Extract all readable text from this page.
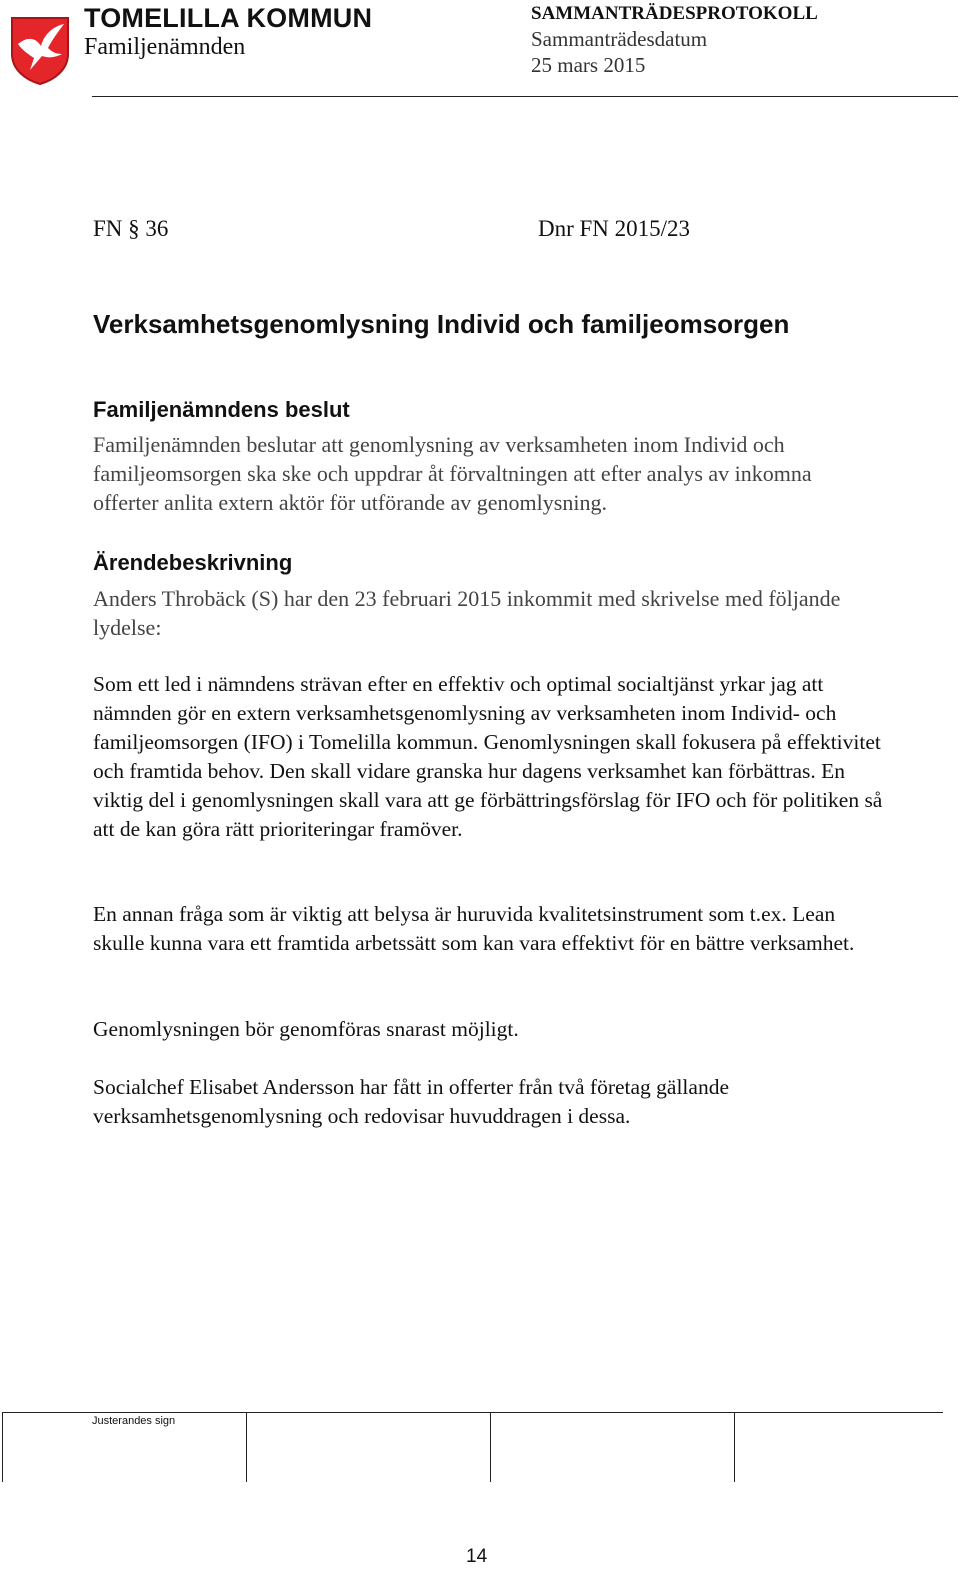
TOMELILLA KOMMUN
Familjenämnden
SAMMANTRÄDESPROTOKOLL
Sammanträdesdatum
25 mars 2015
FN § 36	Dnr FN 2015/23
Verksamhetsgenomlysning Individ och familjeomsorgen
Familjenämndens beslut
Familjenämnden beslutar att genomlysning av verksamheten inom Individ och familjeomsorgen ska ske och uppdrar åt förvaltningen att efter analys av inkomna offerter anlita extern aktör för utförande av genomlysning.
Ärendebeskrivning
Anders Throbäck (S) har den 23 februari 2015 inkommit med skrivelse med följande lydelse:
Som ett led i nämndens strävan efter en effektiv och optimal socialtjänst yrkar jag att nämnden gör en extern verksamhetsgenomlysning av verksamheten inom Individ- och familjeomsorgen (IFO) i Tomelilla kommun. Genomlysningen skall fokusera på effektivitet och framtida behov. Den skall vidare granska hur dagens verksamhet kan förbättras. En viktig del i genomlysningen skall vara att ge förbättringsförslag för IFO och för politiken så att de kan göra rätt prioriteringar framöver.
En annan fråga som är viktig att belysa är huruvida kvalitetsinstrument som t.ex. Lean skulle kunna vara ett framtida arbetssätt som kan vara effektivt för en bättre verksamhet.
Genomlysningen bör genomföras snarast möjligt.
Socialchef Elisabet Andersson har fått in offerter från två företag gällande verksamhetsgenomlysning och redovisar huvuddragen i dessa.
Justerandes sign
14
